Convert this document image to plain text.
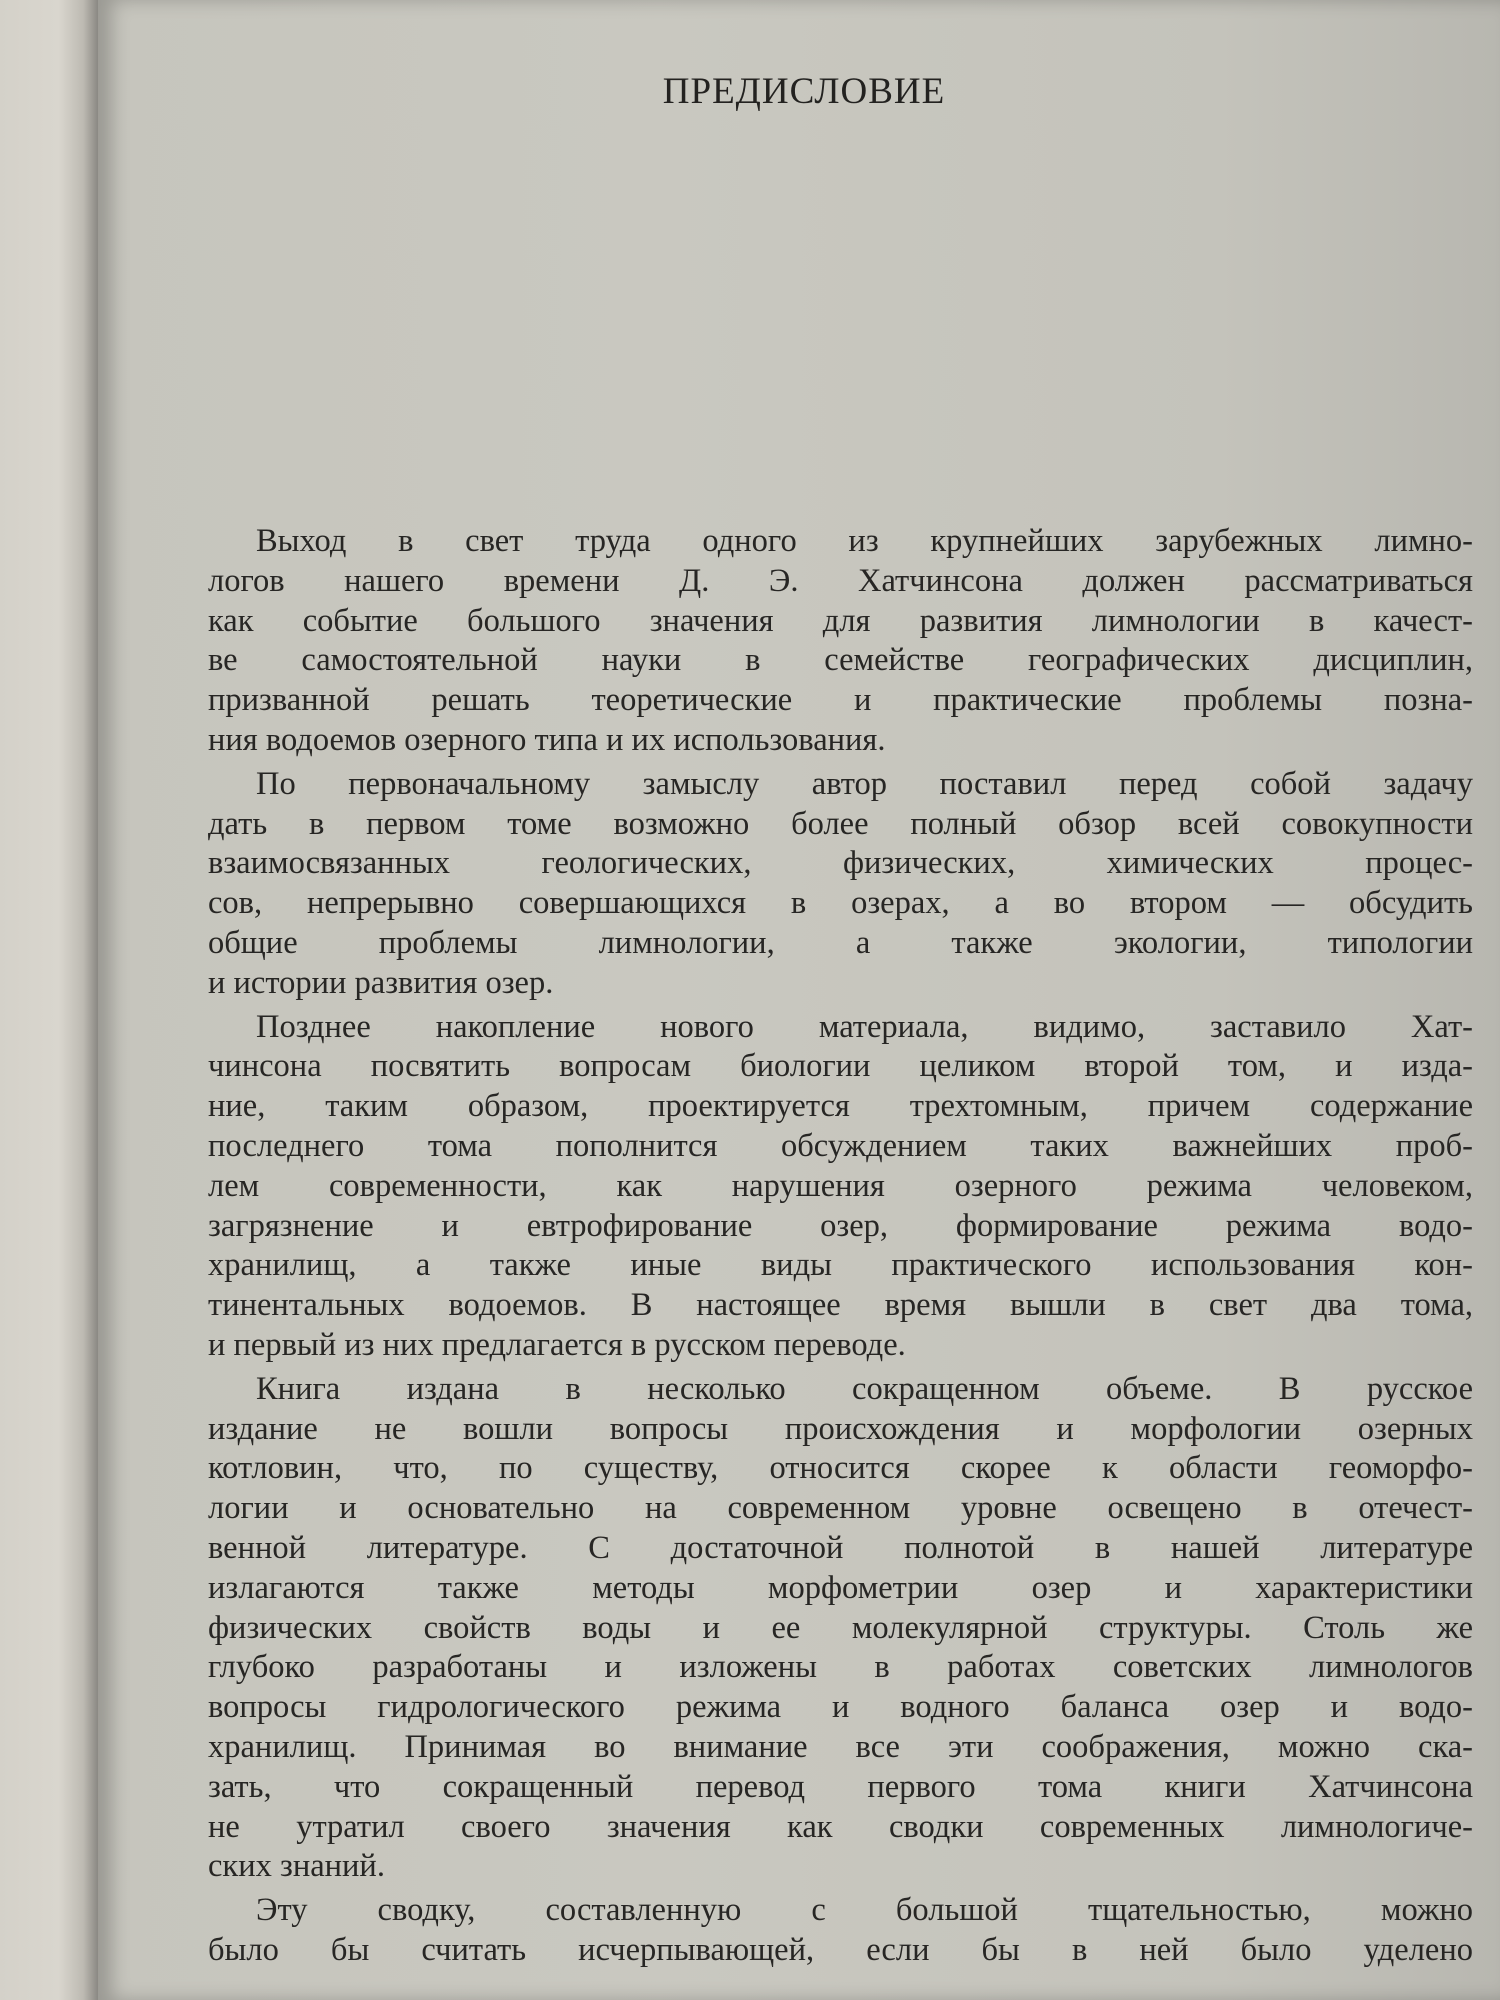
ПРЕДИСЛОВИЕ

Выход в свет труда одного из крупнейших зарубежных лимно-
логов нашего времени Д. Э. Хатчинсона должен рассматриваться
как событие большого значения для развития лимнологии в качест-
ве самостоятельной науки в семействе географических дисциплин,
призванной решать теоретические и практические проблемы позна-
ния водоемов озерного типа и их использования.

По первоначальному замыслу автор поставил перед собой задачу
дать в первом томе возможно более полный обзор всей совокупности
взаимосвязанных геологических, физических, химических процес-
сов, непрерывно совершающихся в озерах, а во втором — обсудить
общие проблемы лимнологии, а также экологии, типологии
и истории развития озер.

Позднее накопление нового материала, видимо, заставило Хат-
чинсона посвятить вопросам биологии целиком второй том, и изда-
ние, таким образом, проектируется трехтомным, причем содержание
последнего тома пополнится обсуждением таких важнейших проб-
лем современности, как нарушения озерного режима человеком,
загрязнение и евтрофирование озер, формирование режима водо-
хранилищ, а также иные виды практического использования кон-
тинентальных водоемов. В настоящее время вышли в свет два тома,
и первый из них предлагается в русском переводе.

Книга издана в несколько сокращенном объеме. В русское
издание не вошли вопросы происхождения и морфологии озерных
котловин, что, по существу, относится скорее к области геоморфо-
логии и основательно на современном уровне освещено в отечест-
венной литературе. С достаточной полнотой в нашей литературе
излагаются также методы морфометрии озер и характеристики
физических свойств воды и ее молекулярной структуры. Столь же
глубоко разработаны и изложены в работах советских лимнологов
вопросы гидрологического режима и водного баланса озер и водо-
хранилищ. Принимая во внимание все эти соображения, можно ска-
зать, что сокращенный перевод первого тома книги Хатчинсона
не утратил своего значения как сводки современных лимнологиче-
ских знаний.

Эту сводку, составленную с большой тщательностью, можно
было бы считать исчерпывающей, если бы в ней было уделено
